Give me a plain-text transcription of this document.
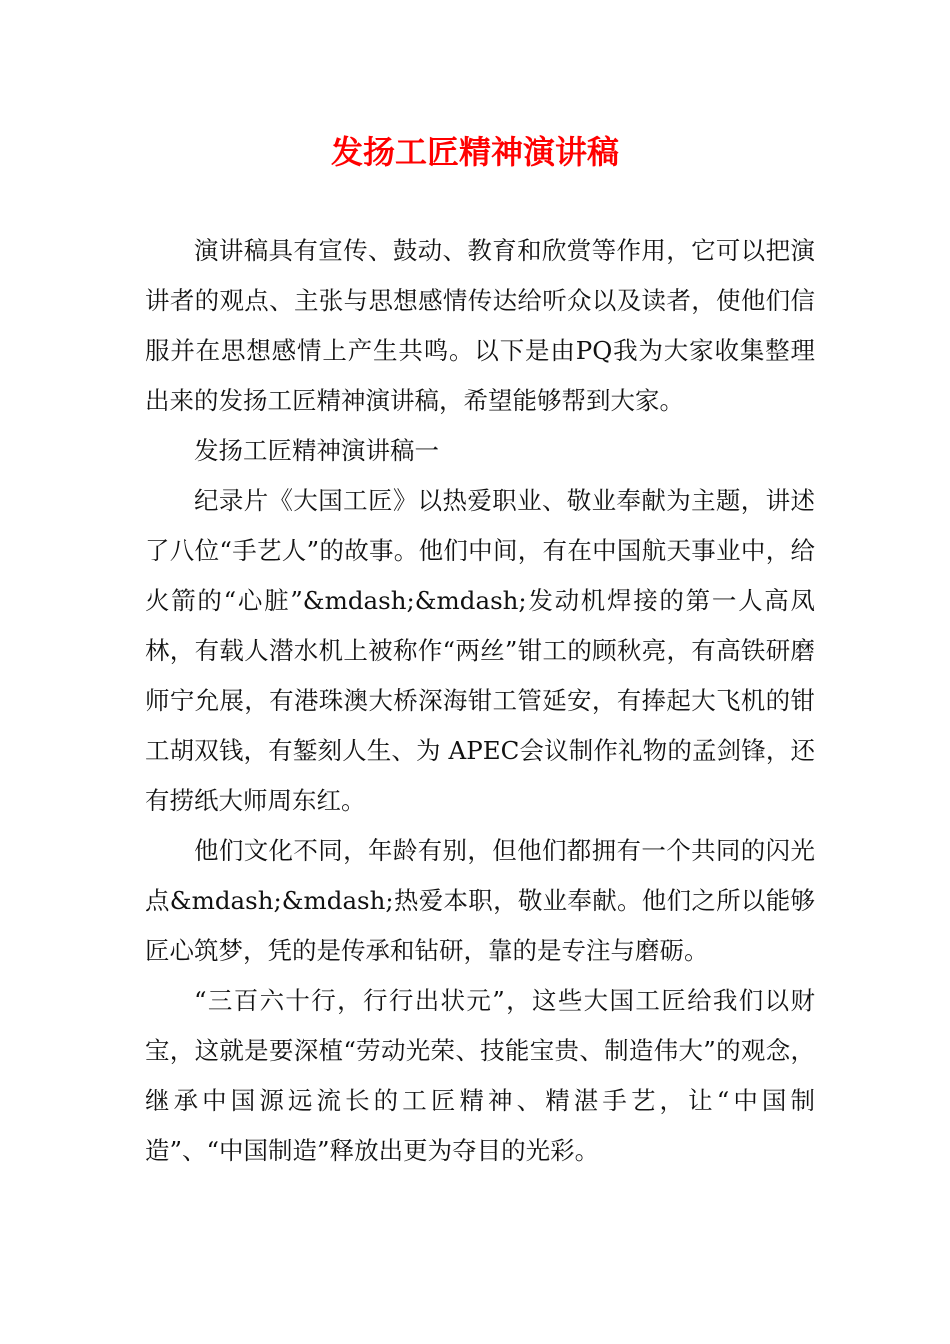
发扬工匠精神演讲稿

演讲稿具有宣传、鼓动、教育和欣赏等作用，它可以把演讲者的观点、主张与思想感情传达给听众以及读者，使他们信服并在思想感情上产生共鸣。以下是由PQ我为大家收集整理出来的发扬工匠精神演讲稿，希望能够帮到大家。

发扬工匠精神演讲稿一

纪录片《大国工匠》以热爱职业、敬业奉献为主题，讲述了八位“手艺人”的故事。他们中间，有在中国航天事业中，给火箭的“心脏”&mdash;&mdash;发动机焊接的第一人高凤林，有载人潜水机上被称作“两丝”钳工的顾秋亮，有高铁研磨师宁允展，有港珠澳大桥深海钳工管延安，有捧起大飞机的钳工胡双钱，有錾刻人生、为 APEC会议制作礼物的孟剑锋，还有捞纸大师周东红。

他们文化不同，年龄有别，但他们都拥有一个共同的闪光点&mdash;&mdash;热爱本职，敬业奉献。他们之所以能够匠心筑梦，凭的是传承和钻研，靠的是专注与磨砺。

“三百六十行，行行出状元”，这些大国工匠给我们以财宝，这就是要深植“劳动光荣、技能宝贵、制造伟大”的观念，继承中国源远流长的工匠精神、精湛手艺，让“中国制造”、“中国制造”释放出更为夺目的光彩。
